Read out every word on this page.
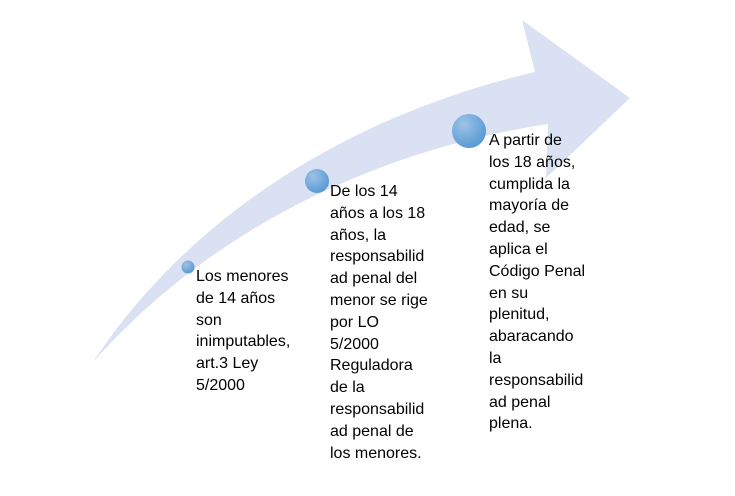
Los menores
de 14 años
son
inimputables,
art.3 Ley
5/2000

De los 14
años a los 18
años, la
responsabilid
ad penal del
menor se rige
por LO
5/2000
Reguladora
de la
responsabilid
ad penal de
los menores.

A partir de
los 18 años,
cumplida la
mayoría de
edad, se
aplica el
Código Penal
en su
plenitud,
abaracando
la
responsabilid
ad penal
plena.
